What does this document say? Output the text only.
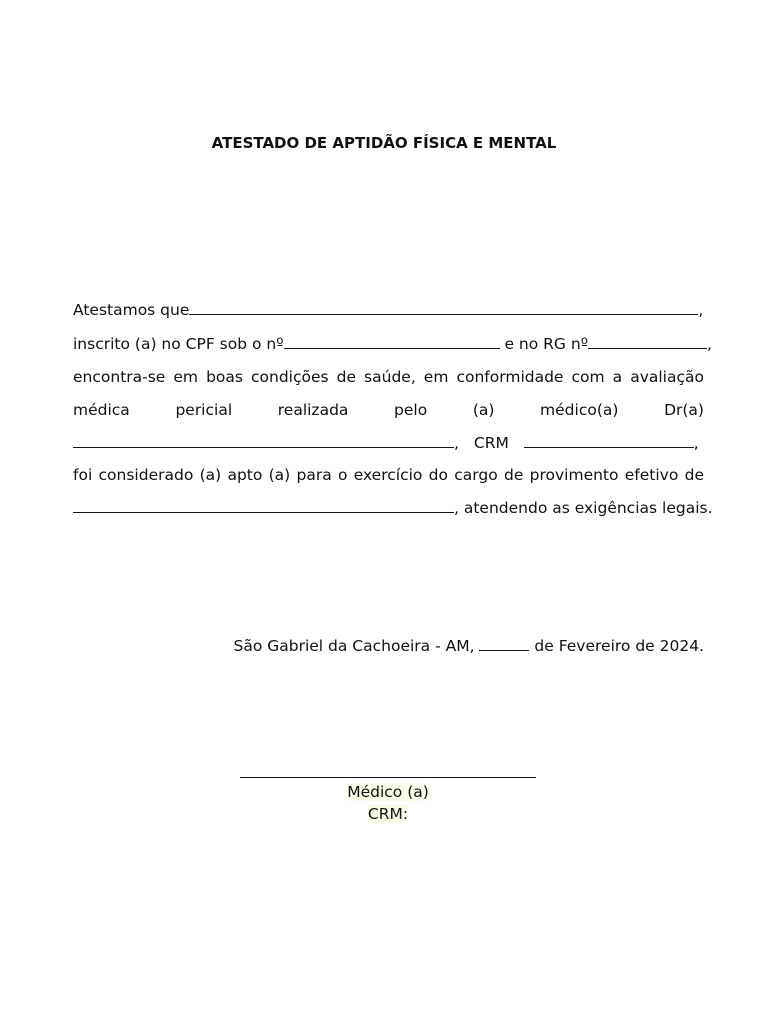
ATESTADO DE APTIDÃO FÍSICA E MENTAL
Atestamos que	,
inscrito (a) no CPF sob o nº	e no RG nº	,
encontra-se em boas condições de saúde, em conformidade com a avaliação
médica	pericial	realizada	pelo	(a)	médico(a)	Dr(a)
, CRM	,
foi considerado (a) apto (a) para o exercício do cargo de provimento efetivo de
, atendendo as exigências legais.
São Gabriel da Cachoeira - AM,	de Fevereiro de 2024.
Médico (a)
CRM:
